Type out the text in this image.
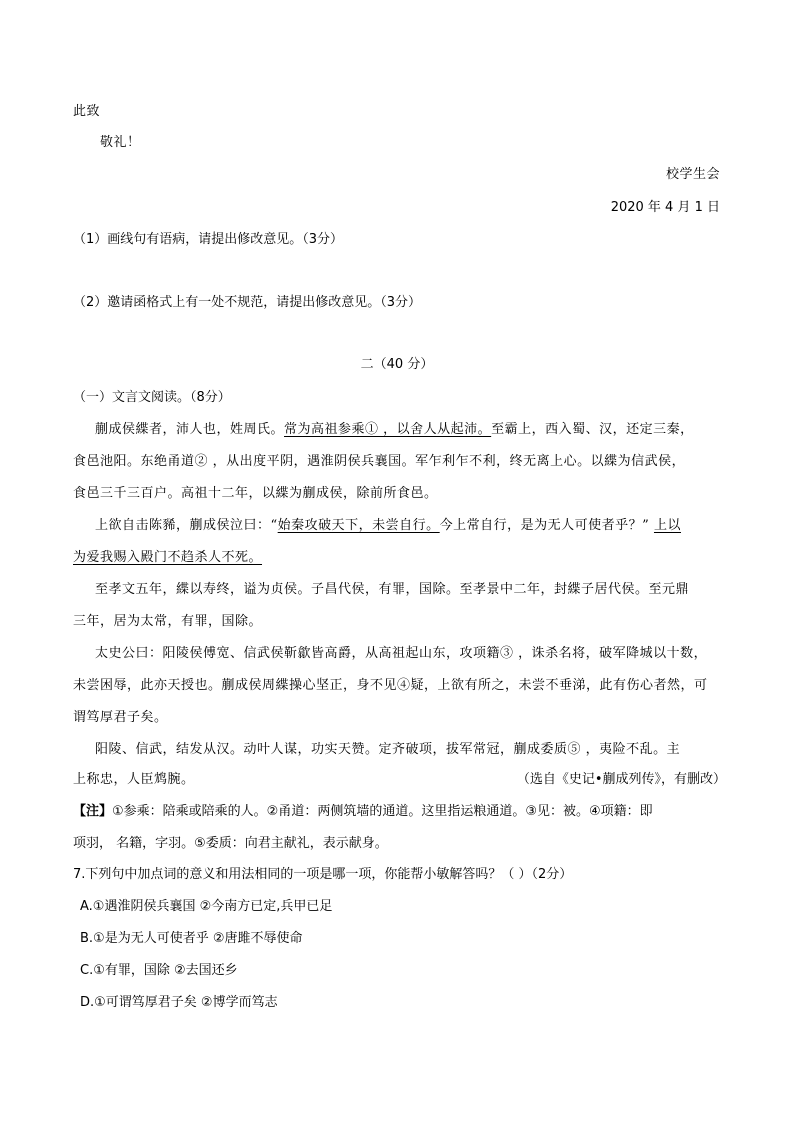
此致
敬礼！
校学生会
2020 年 4 月 1 日
（1）画线句有语病，请提出修改意见。（3分）
（2）邀请函格式上有一处不规范，请提出修改意见。（3分）
二（40 分）
（一）文言文阅读。（8分）
蒯成侯緤者，沛人也，姓周氏。常为高祖参乘① ，以舍人从起沛。至霸上，西入蜀、汉，还定三秦，
食邑池阳。东绝甬道② ，从出度平阴，遇淮阴侯兵襄国。军乍利乍不利，终无离上心。以緤为信武侯，
食邑三千三百户。高祖十二年，以緤为蒯成侯，除前所食邑。
上欲自击陈豨，蒯成侯泣曰：“始秦攻破天下，未尝自行。今上常自行，是为无人可使者乎？” 上以
为爱我赐入殿门不趋杀人不死。
至孝文五年，緤以寿终，谥为贞侯。子昌代侯，有罪，国除。至孝景中二年，封緤子居代侯。至元鼎
三年，居为太常，有罪，国除。
太史公曰：阳陵侯傅宽、信武侯靳歙皆高爵，从高祖起山东，攻项籍③ ，诛杀名将，破军降城以十数，
未尝困辱，此亦天授也。蒯成侯周緤操心坚正，身不见④疑，上欲有所之，未尝不垂涕，此有伤心者然，可
谓笃厚君子矣。
阳陵、信武，结发从汉。动叶人谋，功实天赞。定齐破项，拔军常冠，蒯成委质⑤ ，夷险不乱。主
上称忠，人臣鸩腕。	（选自《史记•蒯成列传》，有删改）
【注】①参乘：陪乘或陪乘的人。②甬道：两侧筑墙的通道。这里指运粮通道。③见：被。④项籍：即
项羽， 名籍，字羽。⑤委质：向君主献礼，表示献身。
7.下列句中加点词的意义和用法相同的一项是哪一项，你能帮小敏解答吗？（ ）（2分）
A.①遇淮阴侯兵襄国 ②今南方已定,兵甲已足
B.①是为无人可使者乎 ②唐雎不辱使命
C.①有罪，国除 ②去国还乡
D.①可谓笃厚君子矣 ②博学而笃志
